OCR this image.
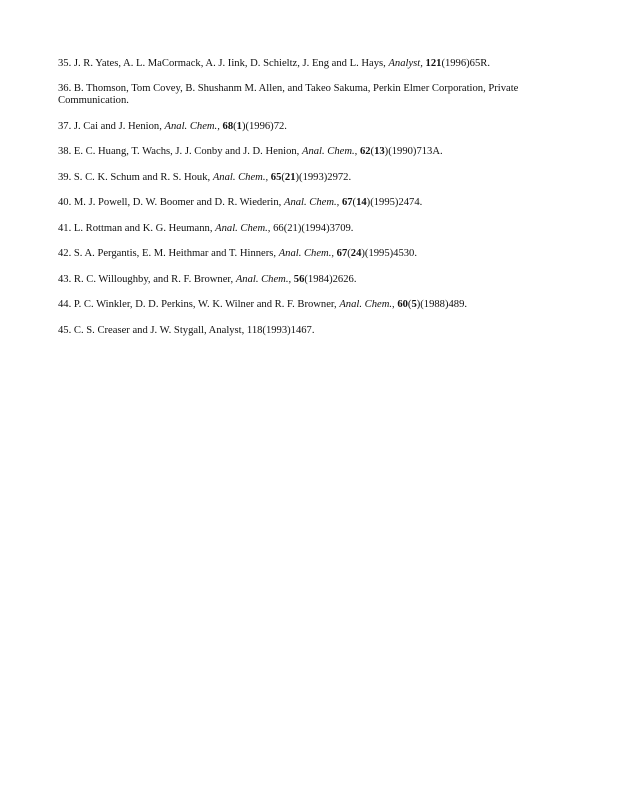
35. J. R. Yates, A. L. MaCormack, A. J. Iink, D. Schieltz, J. Eng and L. Hays, Analyst, 121(1996)65R.

36. B. Thomson, Tom Covey, B. Shushanm M. Allen, and Takeo Sakuma, Perkin Elmer Corporation, Private Communication.

37. J. Cai and J. Henion, Anal. Chem., 68(1)(1996)72.

38. E. C. Huang, T. Wachs, J. J. Conby and J. D. Henion, Anal. Chem., 62(13)(1990)713A.

39. S. C. K. Schum and R. S. Houk, Anal. Chem., 65(21)(1993)2972.

40. M. J. Powell, D. W. Boomer and D. R. Wiederin, Anal. Chem., 67(14)(1995)2474.

41. L. Rottman and K. G. Heumann, Anal. Chem., 66(21)(1994)3709.

42. S. A. Pergantis, E. M. Heithmar and T. Hinners, Anal. Chem., 67(24)(1995)4530.

43. R. C. Willoughby, and R. F. Browner, Anal. Chem., 56(1984)2626.

44. P. C. Winkler, D. D. Perkins, W. K. Wilner and R. F. Browner, Anal. Chem., 60(5)(1988)489.

45. C. S. Creaser and J. W. Stygall, Analyst, 118(1993)1467.
